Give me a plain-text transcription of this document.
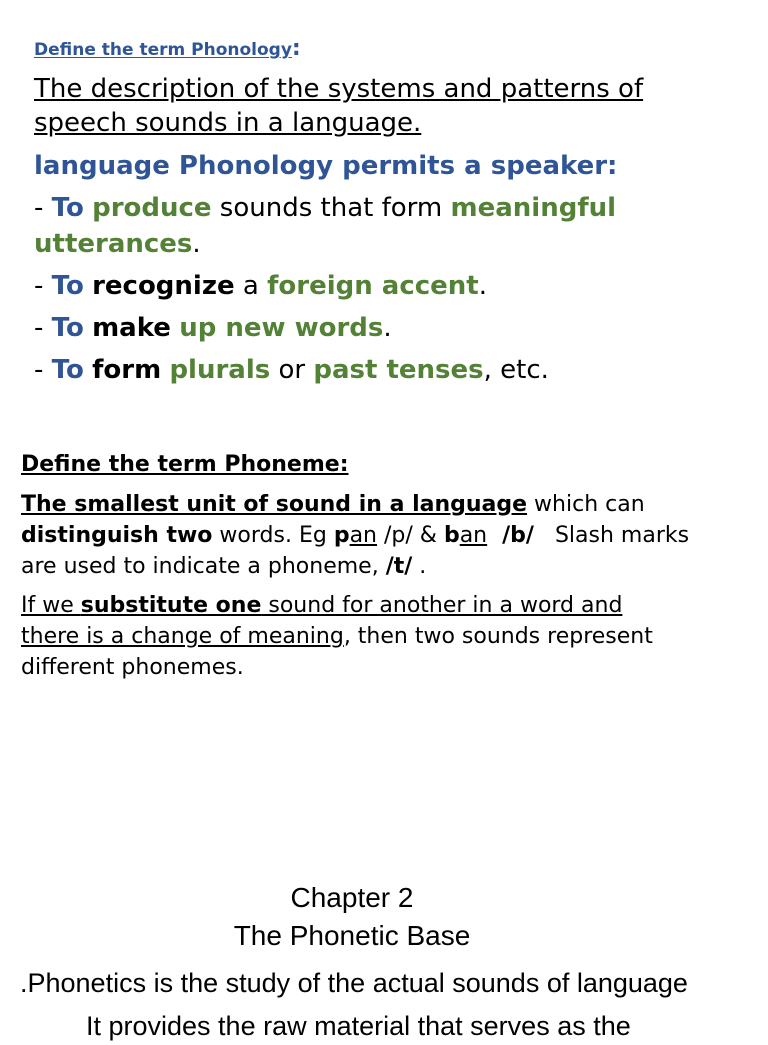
Define the term Phonology:
The description of the systems and patterns of
speech sounds in a language.
language Phonology permits a speaker:
- To produce sounds that form meaningful
utterances.
- To recognize a foreign accent.
- To make up new words.
- To form plurals or past tenses, etc.
Define the term Phoneme:
The smallest unit of sound in a language which can
distinguish two words. Eg pan /p/ & ban /b/ Slash marks
are used to indicate a phoneme, /t/ .
If we substitute one sound for another in a word and
there is a change of meaning, then two sounds represent
different phonemes.
Chapter 2
The Phonetic Base
.Phonetics is the study of the actual sounds of language
It provides the raw material that serves as the
